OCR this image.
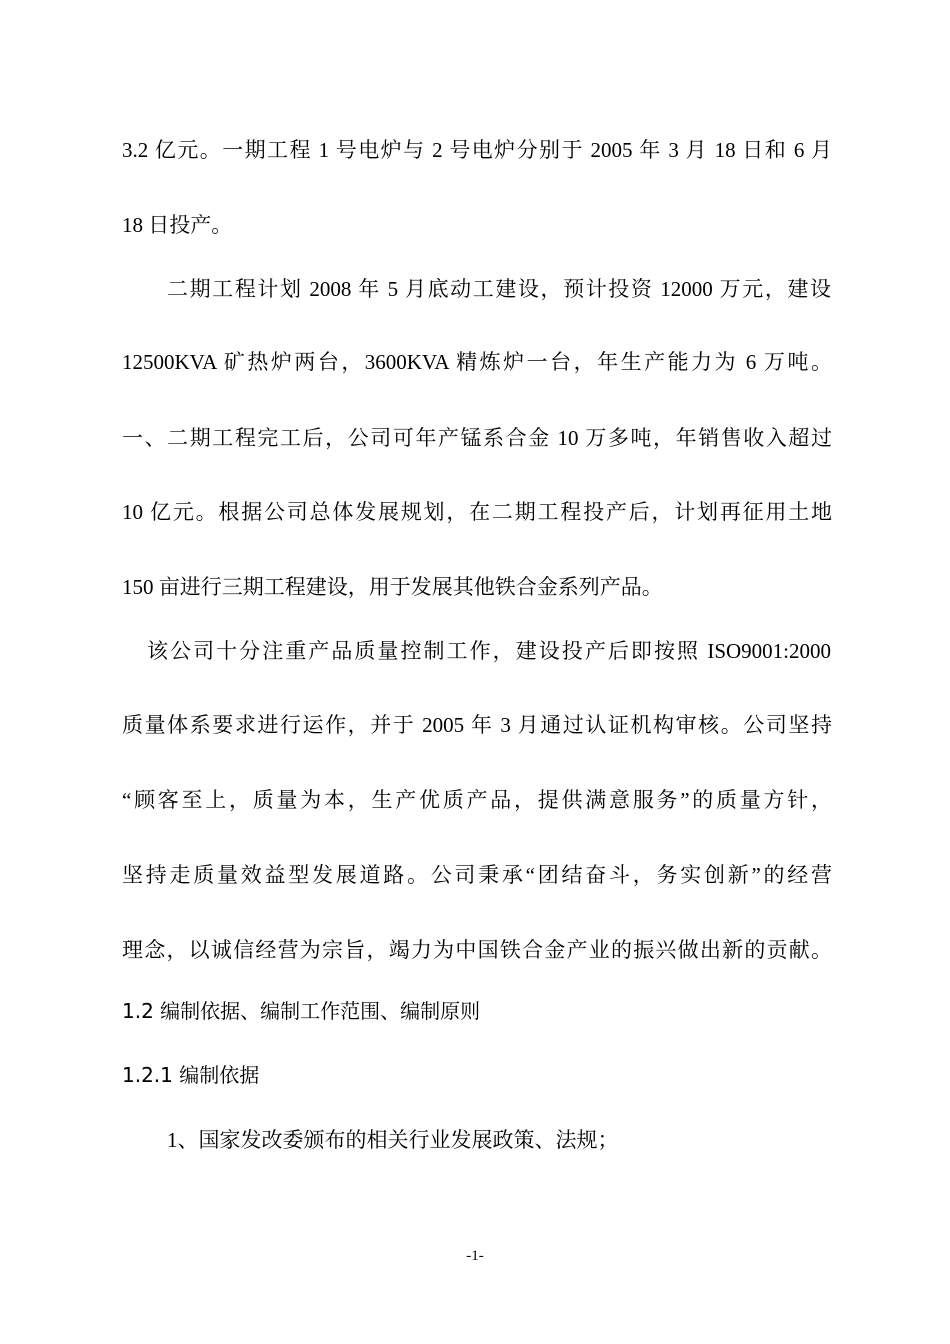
3.2 亿元。一期工程 1 号电炉与 2 号电炉分别于 2005 年 3 月 18 日和 6 月
18 日投产。
二期工程计划 2008 年 5 月底动工建设，预计投资 12000 万元，建设
12500KVA 矿热炉两台，3600KVA 精炼炉一台，年生产能力为 6 万吨。
一、二期工程完工后，公司可年产锰系合金 10 万多吨，年销售收入超过
10 亿元。根据公司总体发展规划，在二期工程投产后，计划再征用土地
150 亩进行三期工程建设，用于发展其他铁合金系列产品。
该公司十分注重产品质量控制工作，建设投产后即按照 ISO9001:2000
质量体系要求进行运作，并于 2005 年 3 月通过认证机构审核。公司坚持
“顾客至上，质量为本，生产优质产品，提供满意服务”的质量方针，
坚持走质量效益型发展道路。公司秉承“团结奋斗，务实创新”的经营
理念，以诚信经营为宗旨，竭力为中国铁合金产业的振兴做出新的贡献。
1.2 编制依据、编制工作范围、编制原则
1.2.1 编制依据
1、国家发改委颁布的相关行业发展政策、法规；
-1-
